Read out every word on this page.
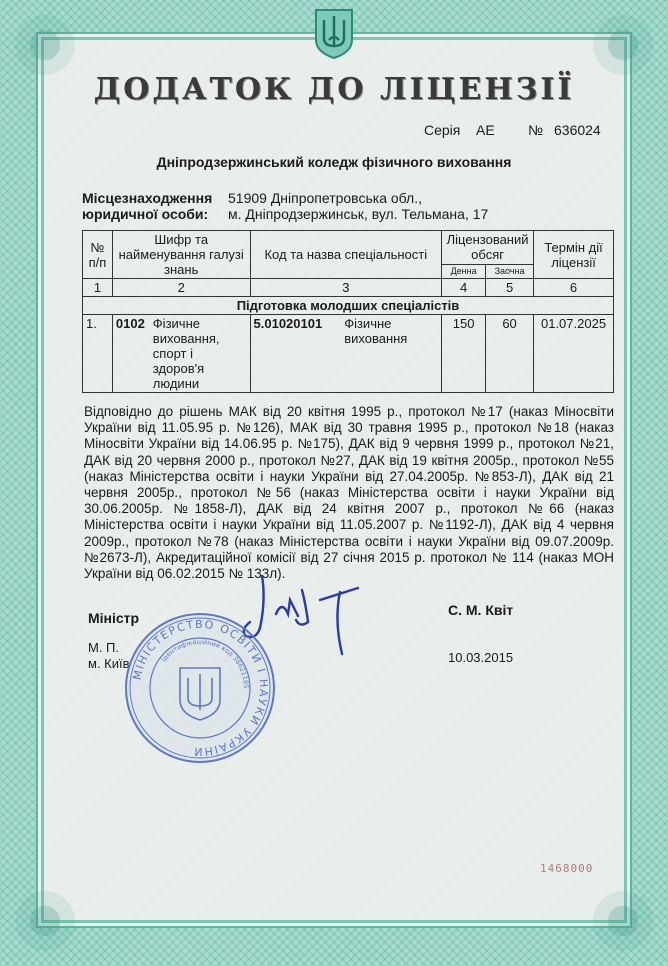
ДОДАТОК ДО ЛІЦЕНЗІЇ
Серія АЕ № 636024
Дніпродзержинський коледж фізичного виховання
Місцезнаходження
юридичної особи:
51909 Дніпропетровська обл.,
м. Дніпродзержинськ, вул. Тельмана, 17
№ п/п	Шифр та найменування галузі знань	Код та назва спеціальності	Ліцензований обсяг		Термін дії ліцензії
			Денна	Заочна	
1	2	3	4	5	6
Підготовка молодших спеціалістів					
1.	0102 Фізичне виховання, спорт і здоров'я людини	5.01020101 Фізичне виховання	150	60	01.07.2025
Відповідно до рішень МАК від 20 квітня 1995 р., протокол №17 (наказ Міносвіти України від 11.05.95 р. №126), МАК від 30 травня 1995 р., протокол №18 (наказ Міносвіти України від 14.06.95 р. №175), ДАК від 9 червня 1999 р., протокол №21, ДАК від 20 червня 2000 р., протокол №27, ДАК від 19 квітня 2005р., протокол №55 (наказ Міністерства освіти і науки України від 27.04.2005р. №853-Л), ДАК від 21 червня 2005р., протокол №56 (наказ Міністерства освіти і науки України від 30.06.2005р. №1858-Л), ДАК від 24 квітня 2007 р., протокол №66 (наказ Міністерства освіти і науки України від 11.05.2007 р. №1192-Л), ДАК від 4 червня 2009р., протокол №78 (наказ Міністерства освіти і науки України від 09.07.2009р. №2673-Л), Акредитаційної комісії від 27 січня 2015 р. протокол № 114 (наказ МОН України від 06.02.2015 № 133л).
Міністр	С. М. Квіт
М. П.
м. Київ	10.03.2015
МІНІСТЕРСТВО ОСВІТИ І НАУКИ УКРАЇНИ
Ідентифікаційний код 38621185
1468000
